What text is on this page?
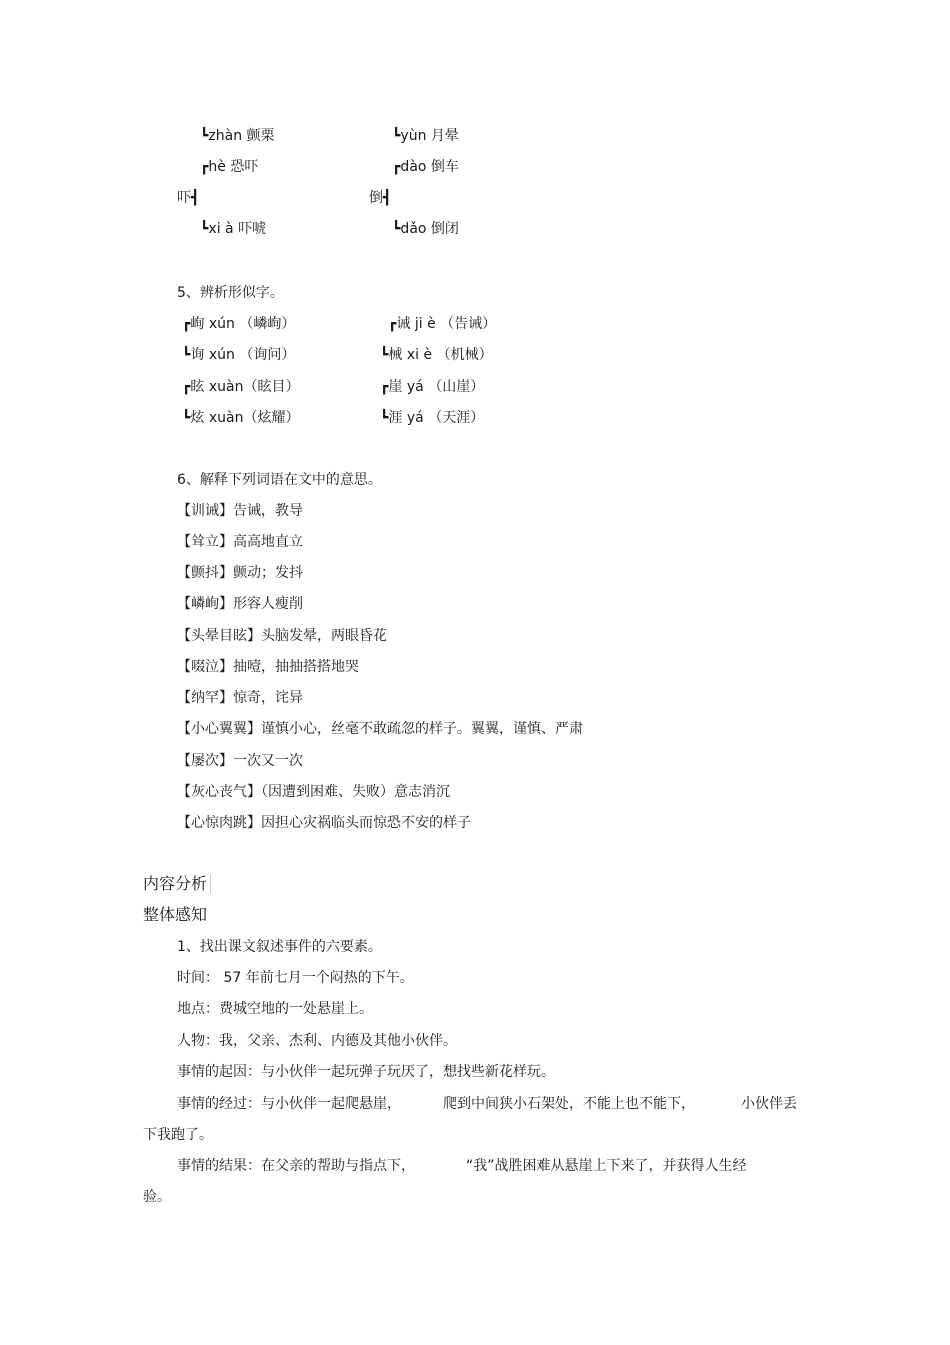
┗zhàn 颤栗	┗yùn 月晕
┏hè 恐吓	┏dào 倒车
吓┫	倒┫
┗xi à 吓唬	┗dǎo 倒闭
5、辨析形似字。
┏峋 xún （嶙峋）	┏诫 ji è （告诫）
┗询 xún （询问）	┗械 xi è （机械）
┏眩 xuàn（眩目）	┏崖 yá （山崖）
┗炫 xuàn（炫耀）	┗涯 yá （天涯）
6、解释下列词语在文中的意思。
【训诫】告诫，教导
【耸立】高高地直立
【颤抖】颤动；发抖
【嶙峋】形容人瘦削
【头晕目眩】头脑发晕，两眼昏花
【啜泣】抽噎，抽抽搭搭地哭
【纳罕】惊奇，诧异
【小心翼翼】谨慎小心，丝毫不敢疏忽的样子。翼翼，谨慎、严肃
【屡次】一次又一次
【灰心丧气】（因遭到困难、失败）意志消沉
【心惊肉跳】因担心灾祸临头而惊恐不安的样子
内容分析
整体感知
1、找出课文叙述事件的六要素。
时间： 57 年前七月一个闷热的下午。
地点：费城空地的一处悬崖上。
人物：我，父亲、杰利、内德及其他小伙伴。
事情的起因：与小伙伴一起玩弹子玩厌了，想找些新花样玩。
事情的经过：与小伙伴一起爬悬崖，	爬到中间狭小石架处，不能上也不能下，	小伙伴丢
下我跑了。
事情的结果：在父亲的帮助与指点下，	“我”战胜困难从悬崖上下来了，并获得人生经
验。
